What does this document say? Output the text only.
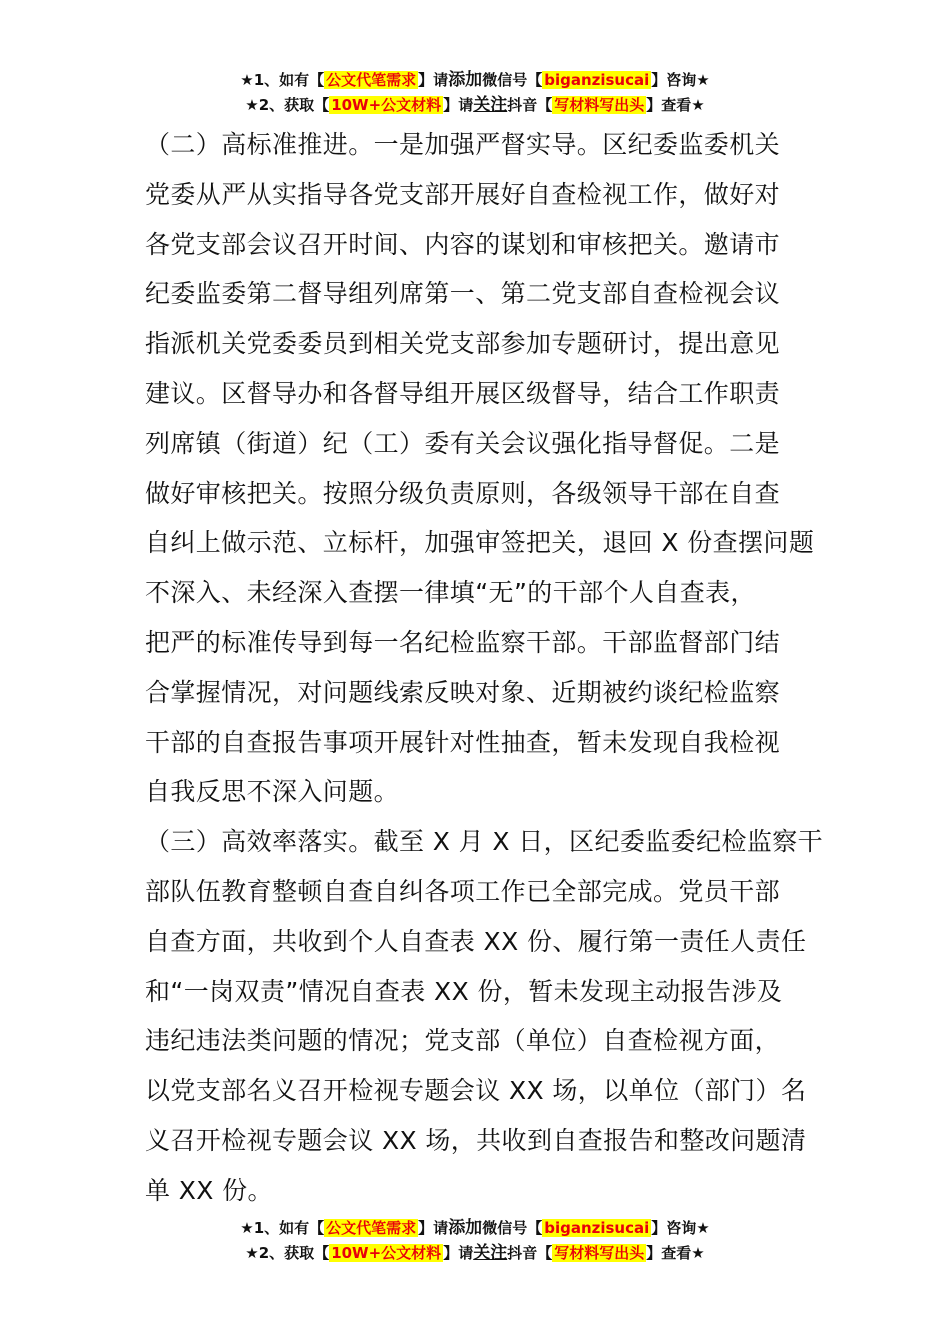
★1、如有【 公文代笔需求 】请添加微信号【 biganzisucai 】咨询★
★2、获取【 10W+公文材料 】请关注抖音【 写材料写出头 】查看★
（二）高标准推进。一是加强严督实导。区纪委监委机关
党委从严从实指导各党支部开展好自查检视工作，做好对
各党支部会议召开时间、内容的谋划和审核把关。邀请市
纪委监委第二督导组列席第一、第二党支部自查检视会议
指派机关党委委员到相关党支部参加专题研讨，提出意见
建议。区督导办和各督导组开展区级督导，结合工作职责
列席镇（街道）纪（工）委有关会议强化指导督促。二是
做好审核把关。按照分级负责原则，各级领导干部在自查
自纠上做示范、立标杆，加强审签把关，退回 X 份查摆问题
不深入、未经深入查摆一律填“无”的干部个人自查表，
把严的标准传导到每一名纪检监察干部。干部监督部门结
合掌握情况，对问题线索反映对象、近期被约谈纪检监察
干部的自查报告事项开展针对性抽查，暂未发现自我检视
自我反思不深入问题。
（三）高效率落实。截至 X 月 X 日，区纪委监委纪检监察干
部队伍教育整顿自查自纠各项工作已全部完成。党员干部
自查方面，共收到个人自查表 XX 份、履行第一责任人责任
和“一岗双责”情况自查表 XX 份，暂未发现主动报告涉及
违纪违法类问题的情况；党支部（单位）自查检视方面，
以党支部名义召开检视专题会议 XX 场，以单位（部门）名
义召开检视专题会议 XX 场，共收到自查报告和整改问题清
单 XX 份。
★1、如有【 公文代笔需求 】请添加微信号【 biganzisucai 】咨询★
★2、获取【 10W+公文材料 】请关注抖音【 写材料写出头 】查看★
